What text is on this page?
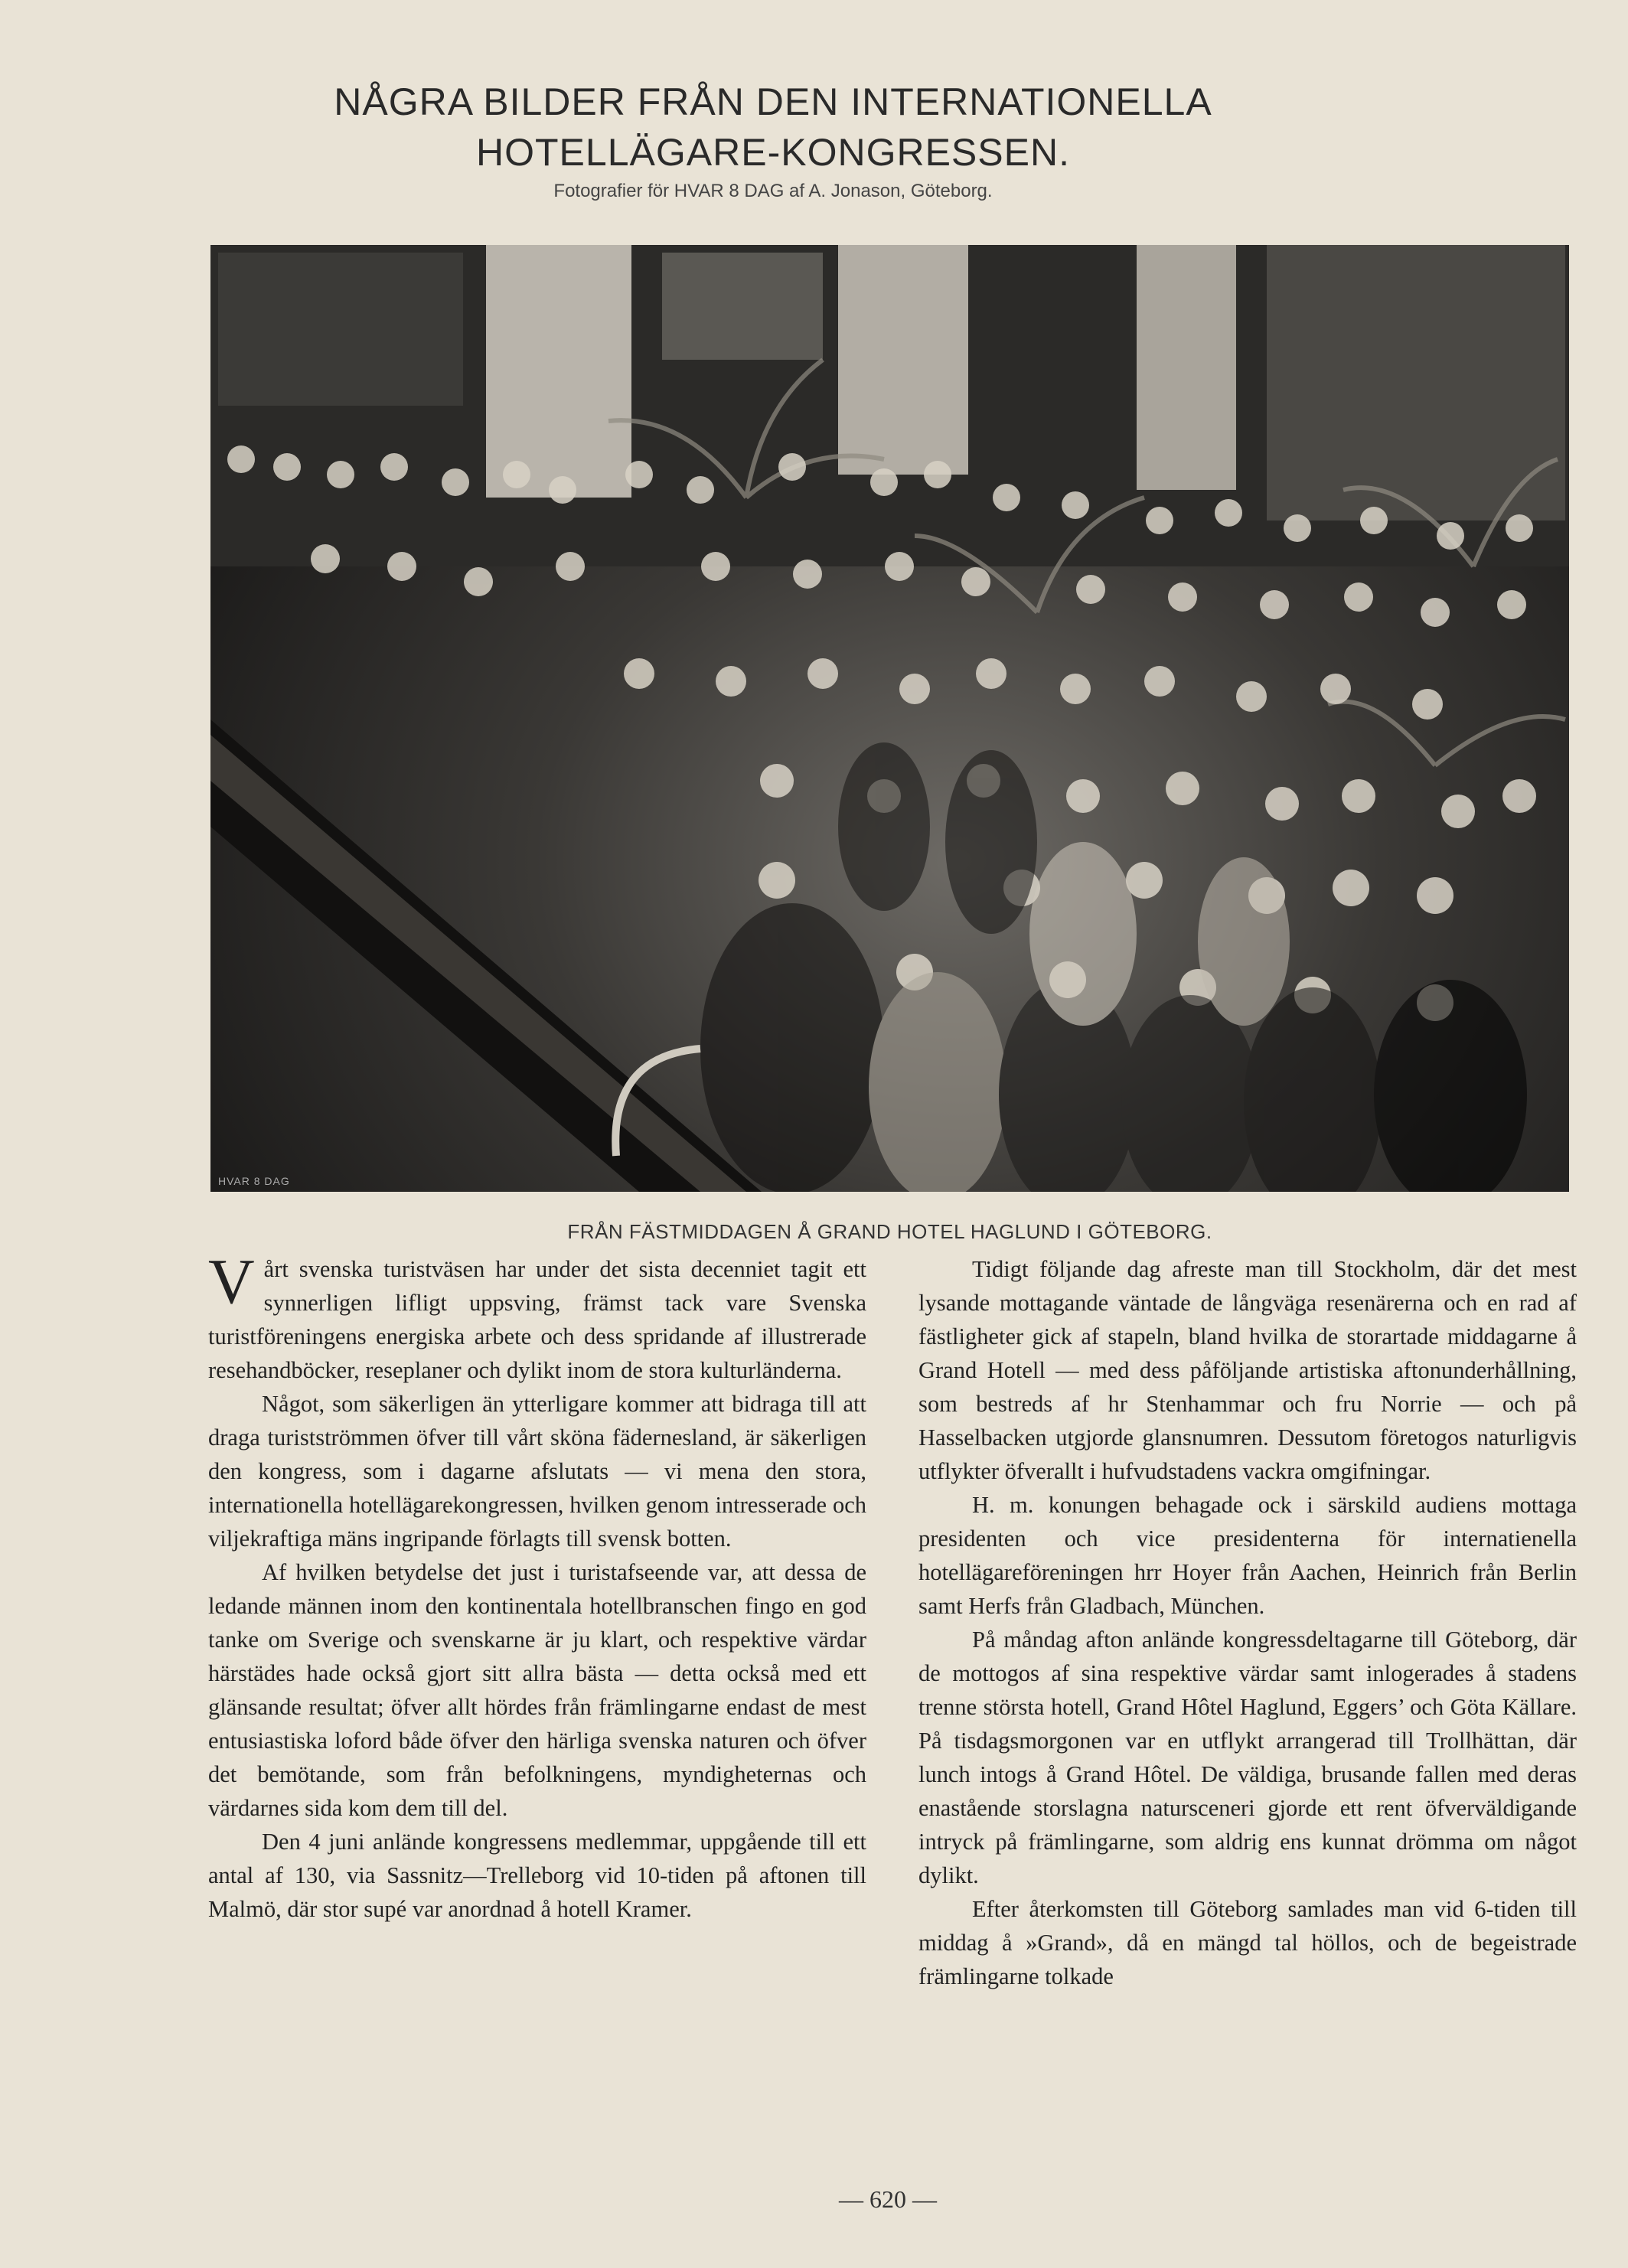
NÅGRA BILDER FRÅN DEN INTERNATIONELLA HOTELLÄGARE-KONGRESSEN.
Fotografier för HVAR 8 DAG af A. Jonason, Göteborg.
HVAR 8 DAG
FRÅN FÄSTMIDDAGEN Å GRAND HOTEL HAGLUND I GÖTEBORG.

Vårt svenska turistväsen har under det sista decenniet tagit ett synnerligen lifligt uppsving, främst tack vare Svenska turistföreningens energiska arbete och dess spridande af illustrerade resehandböcker, reseplaner och dylikt inom de stora kulturländerna.

Något, som säkerligen än ytterligare kommer att bidraga till att draga turistströmmen öfver till vårt sköna fädernesland, är säkerligen den kongress, som i dagarne afslutats — vi mena den stora, internationella hotellägarekongressen, hvilken genom intresserade och viljekraftiga mäns ingripande förlagts till svensk botten.

Af hvilken betydelse det just i turistafseende var, att dessa de ledande männen inom den kontinentala hotellbranschen fingo en god tanke om Sverige och svenskarne är ju klart, och respektive värdar härstädes hade också gjort sitt allra bästa — detta också med ett glänsande resultat; öfver allt hördes från främlingarne endast de mest entusiastiska loford både öfver den härliga svenska naturen och öfver det bemötande, som från befolkningens, myndigheternas och värdarnes sida kom dem till del.

Den 4 juni anlände kongressens medlemmar, uppgående till ett antal af 130, via Sassnitz—Trelleborg vid 10-tiden på aftonen till Malmö, där stor supé var anordnad å hotell Kramer.

Tidigt följande dag afreste man till Stockholm, där det mest lysande mottagande väntade de långväga resenärerna och en rad af fästligheter gick af stapeln, bland hvilka de storartade middagarne å Grand Hotell — med dess påföljande artistiska aftonunderhållning, som bestreds af hr Stenhammar och fru Norrie — och på Hasselbacken utgjorde glansnumren. Dessutom företogos naturligvis utflykter öfverallt i hufvudstadens vackra omgifningar.

H. m. konungen behagade ock i särskild audiens mottaga presidenten och vice presidenterna för internatienella hotellägareföreningen hrr Hoyer från Aachen, Heinrich från Berlin samt Herfs från Gladbach, München.

På måndag afton anlände kongressdeltagarne till Göteborg, där de mottogos af sina respektive värdar samt inlogerades å stadens trenne största hotell, Grand Hôtel Haglund, Eggers’ och Göta Källare. På tisdagsmorgonen var en utflykt arrangerad till Trollhättan, där lunch intogs å Grand Hôtel. De väldiga, brusande fallen med deras enastående storslagna natursceneri gjorde ett rent öfverväldigande intryck på främlingarne, som aldrig ens kunnat drömma om något dylikt.

Efter återkomsten till Göteborg samlades man vid 6-tiden till middag å »Grand», då en mängd tal höllos, och de begeistrade främlingarne tolkade

— 620 —
